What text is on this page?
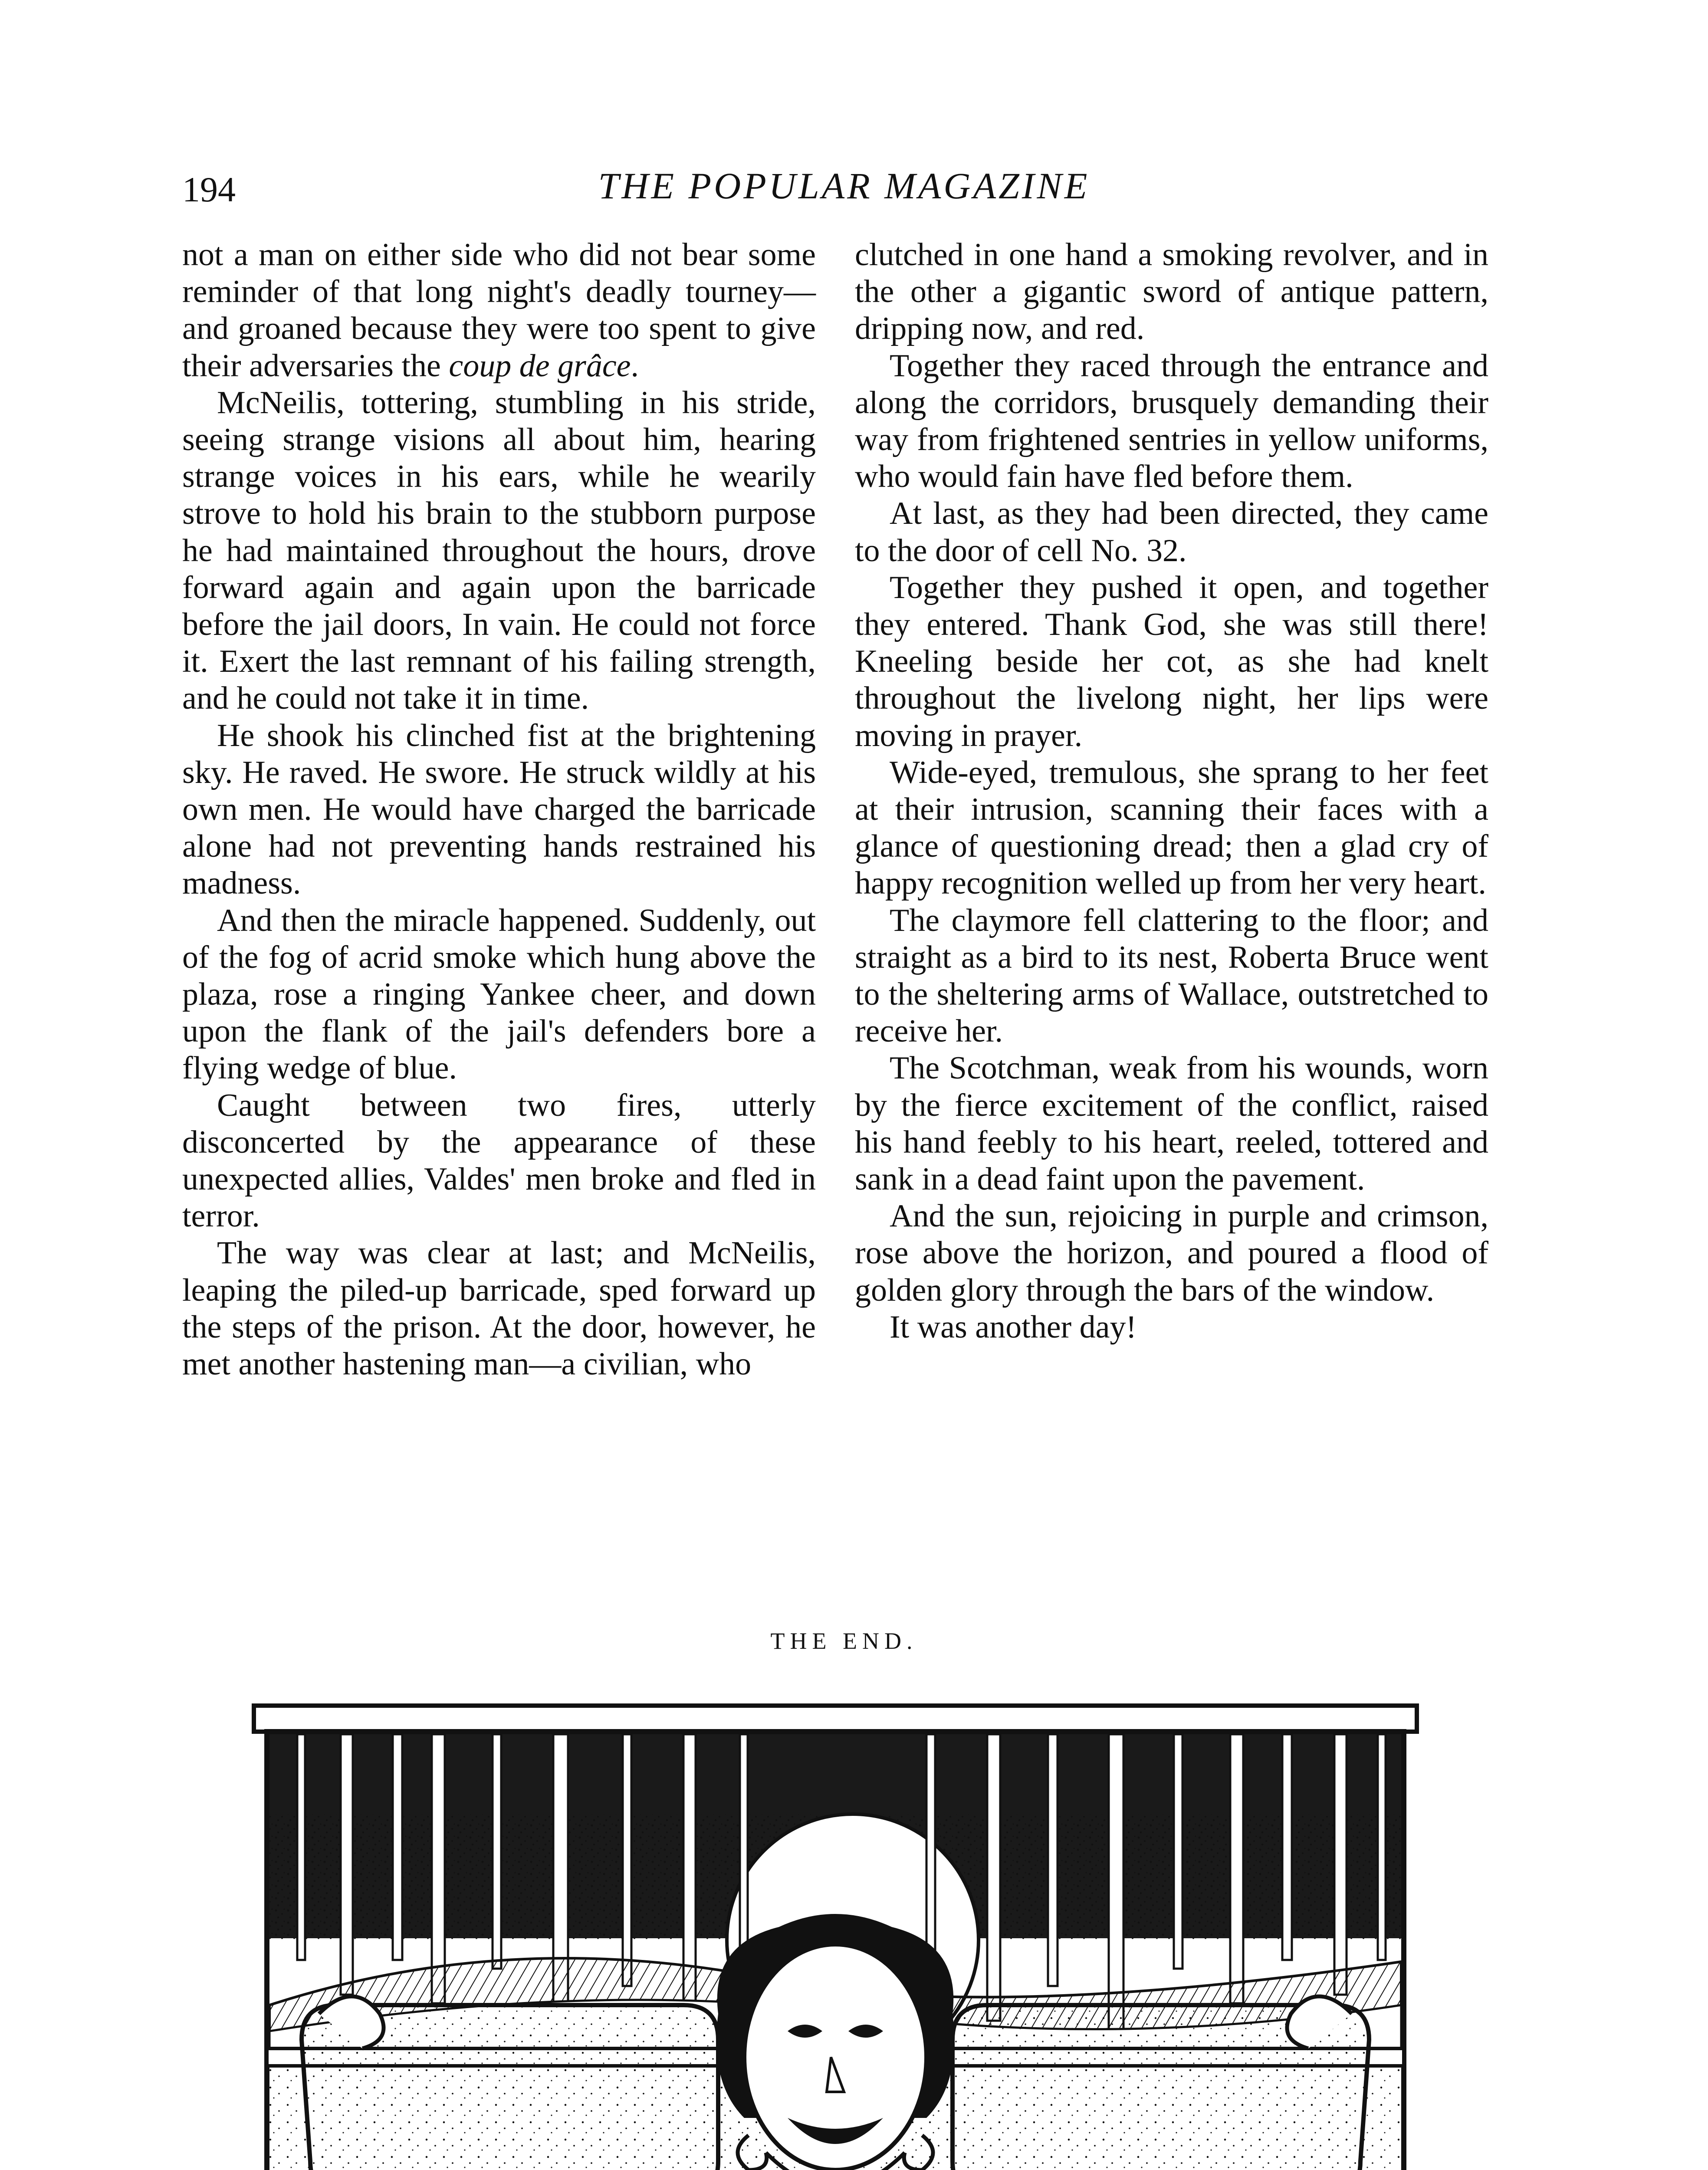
194	THE POPULAR MAGAZINE

not a man on either side who did not bear some reminder of that long night's deadly tourney—and groaned because they were too spent to give their adversaries the coup de grâce.

McNeilis, tottering, stumbling in his stride, seeing strange visions all about him, hearing strange voices in his ears, while he wearily strove to hold his brain to the stubborn purpose he had maintained throughout the hours, drove forward again and again upon the barricade before the jail doors, In vain. He could not force it. Exert the last remnant of his failing strength, and he could not take it in time.

He shook his clinched fist at the brightening sky. He raved. He swore. He struck wildly at his own men. He would have charged the barricade alone had not preventing hands restrained his madness.

And then the miracle happened. Suddenly, out of the fog of acrid smoke which hung above the plaza, rose a ringing Yankee cheer, and down upon the flank of the jail's defenders bore a flying wedge of blue.

Caught between two fires, utterly disconcerted by the appearance of these unexpected allies, Valdes' men broke and fled in terror.

The way was clear at last; and McNeilis, leaping the piled-up barricade, sped forward up the steps of the prison. At the door, however, he met another hastening man—a civilian, who

clutched in one hand a smoking revolver, and in the other a gigantic sword of antique pattern, dripping now, and red.

Together they raced through the entrance and along the corridors, brusquely demanding their way from frightened sentries in yellow uniforms, who would fain have fled before them.

At last, as they had been directed, they came to the door of cell No. 32.

Together they pushed it open, and together they entered. Thank God, she was still there! Kneeling beside her cot, as she had knelt throughout the livelong night, her lips were moving in prayer.

Wide-eyed, tremulous, she sprang to her feet at their intrusion, scanning their faces with a glance of questioning dread; then a glad cry of happy recognition welled up from her very heart.

The claymore fell clattering to the floor; and straight as a bird to its nest, Roberta Bruce went to the sheltering arms of Wallace, outstretched to receive her.

The Scotchman, weak from his wounds, worn by the fierce excitement of the conflict, raised his hand feebly to his heart, reeled, tottered and sank in a dead faint upon the pavement.

And the sun, rejoicing in purple and crimson, rose above the horizon, and poured a flood of golden glory through the bars of the window.

It was another day!

THE END.
